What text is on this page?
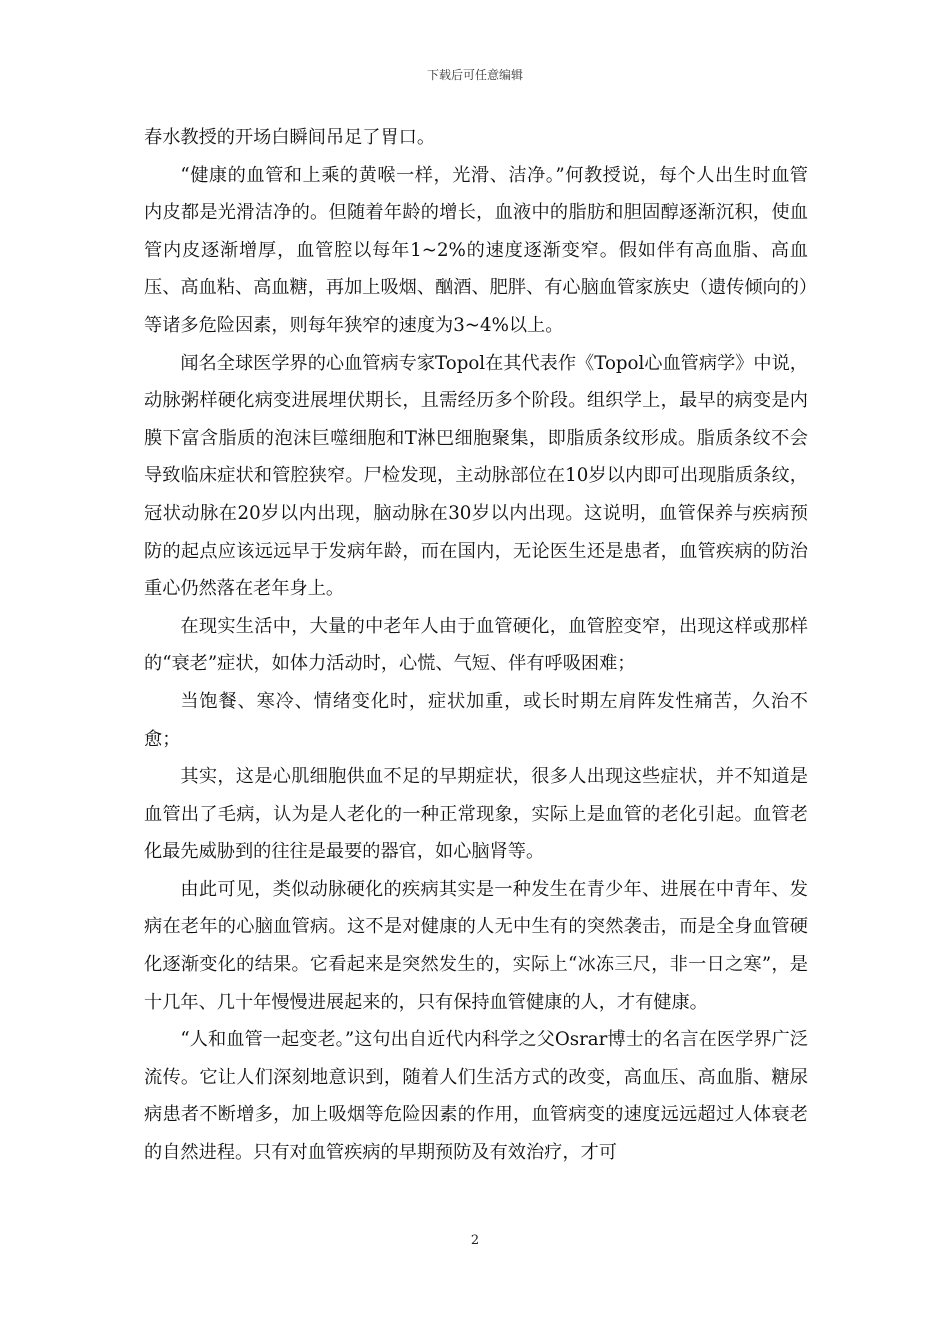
下载后可任意编辑

春水教授的开场白瞬间吊足了胃口。

“健康的血管和上乘的黄喉一样，光滑、洁净。”何教授说，每个人出生时血管内皮都是光滑洁净的。但随着年龄的增长，血液中的脂肪和胆固醇逐渐沉积，使血管内皮逐渐增厚，血管腔以每年1~2%的速度逐渐变窄。假如伴有高血脂、高血压、高血粘、高血糖，再加上吸烟、酗酒、肥胖、有心脑血管家族史（遗传倾向的）等诸多危险因素，则每年狭窄的速度为3~4%以上。

闻名全球医学界的心血管病专家Topol在其代表作《Topol心血管病学》中说，动脉粥样硬化病变进展埋伏期长，且需经历多个阶段。组织学上，最早的病变是内膜下富含脂质的泡沫巨噬细胞和T淋巴细胞聚集，即脂质条纹形成。脂质条纹不会导致临床症状和管腔狭窄。尸检发现，主动脉部位在10岁以内即可出现脂质条纹，冠状动脉在20岁以内出现，脑动脉在30岁以内出现。这说明，血管保养与疾病预防的起点应该远远早于发病年龄，而在国内，无论医生还是患者，血管疾病的防治重心仍然落在老年身上。

在现实生活中，大量的中老年人由于血管硬化，血管腔变窄，出现这样或那样的“衰老”症状，如体力活动时，心慌、气短、伴有呼吸困难；

当饱餐、寒冷、情绪变化时，症状加重，或长时期左肩阵发性痛苦，久治不愈；

其实，这是心肌细胞供血不足的早期症状，很多人出现这些症状，并不知道是血管出了毛病，认为是人老化的一种正常现象，实际上是血管的老化引起。血管老化最先威胁到的往往是最要的器官，如心脑肾等。

由此可见，类似动脉硬化的疾病其实是一种发生在青少年、进展在中青年、发病在老年的心脑血管病。这不是对健康的人无中生有的突然袭击，而是全身血管硬化逐渐变化的结果。它看起来是突然发生的，实际上“冰冻三尺，非一日之寒”，是十几年、几十年慢慢进展起来的，只有保持血管健康的人，才有健康。

“人和血管一起变老。”这句出自近代内科学之父Osrar博士的名言在医学界广泛流传。它让人们深刻地意识到，随着人们生活方式的改变，高血压、高血脂、糖尿病患者不断增多，加上吸烟等危险因素的作用，血管病变的速度远远超过人体衰老的自然进程。只有对血管疾病的早期预防及有效治疗，才可

2
